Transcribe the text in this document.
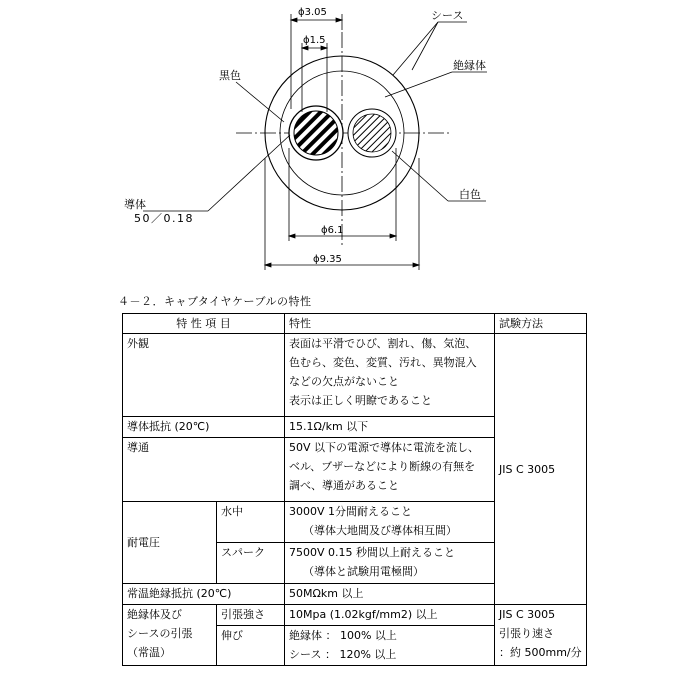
ϕ3.05
ϕ1.5
ϕ6.1
ϕ9.35
シース
絶縁体
黒色
白色
導体
50／0.18
４－２．キャブタイヤケーブルの特性
特 性 項 目		特性	試験方法
外観		表面は平滑でひび、割れ、傷、気泡、
色むら、変色、変質、汚れ、異物混入
などの欠点がないこと
表示は正しく明瞭であること	JIS C 3005
導体抵抗 (20℃)		15.1Ω/km 以下	
導通		50V 以下の電源で導体に電流を流し、
ベル、ブザーなどにより断線の有無を
調べ、導通があること	

耐電圧	水中	3000V 1分間耐えること
（導体大地間及び導体相互間）	

	スパーク	7500V 0.15 秒間以上耐えること
（導体と試験用電極間）	

常温絶縁抵抗 (20℃)		50MΩkm 以上	

絶縁体及び
シースの引張
（常温）	引張強さ	10Mpa (1.02kgf/mm2) 以上	JIS C 3005
引張り速さ
：約 500mm/分

	伸び	絶縁体 ： 100% 以上
シース ： 120% 以上	
